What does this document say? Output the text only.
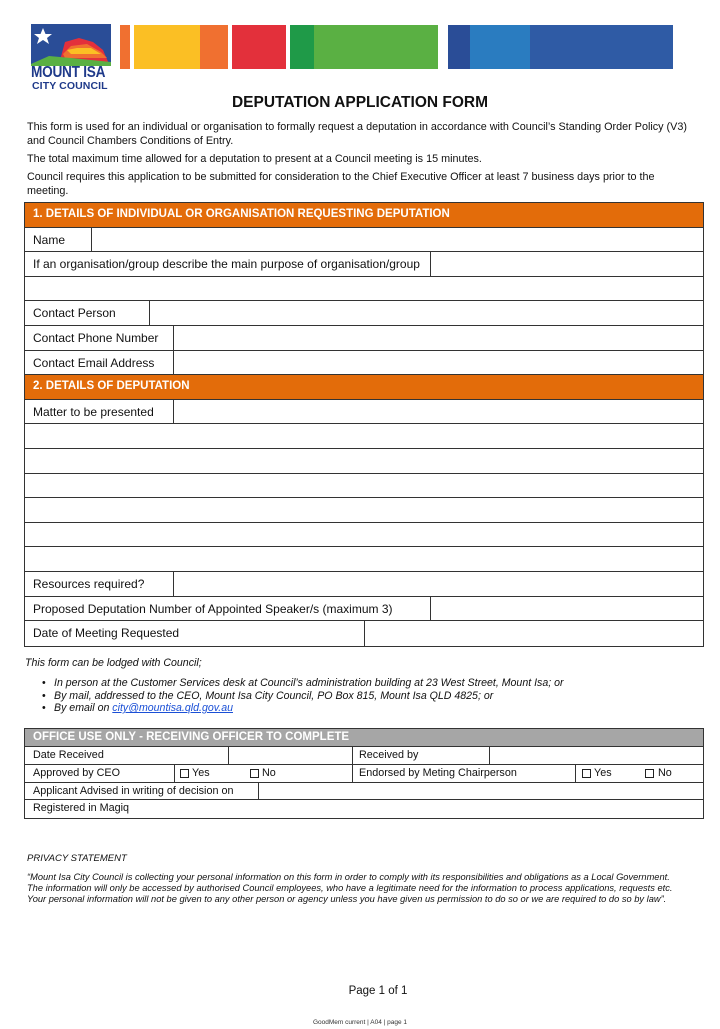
MOUNT ISA
CITY COUNCIL
DEPUTATION APPLICATION FORM
This form is used for an individual or organisation to formally request a deputation in accordance with Council’s Standing Order Policy (V3) and Council Chambers Conditions of Entry.
The total maximum time allowed for a deputation to present at a Council meeting is 15 minutes.
Council requires this application to be submitted for consideration to the Chief Executive Officer at least 7 business days prior to the meeting.
1. DETAILS OF INDIVIDUAL OR ORGANISATION REQUESTING DEPUTATION
Name
If an organisation/group describe the main purpose of organisation/group
Contact Person
Contact Phone Number
Contact Email Address
2. DETAILS OF DEPUTATION
Matter to be presented
Resources required?
Proposed Deputation Number of Appointed Speaker/s (maximum 3)
Date of Meeting Requested
This form can be lodged with Council;
• In person at the Customer Services desk at Council’s administration building at 23 West Street, Mount Isa; or
• By mail, addressed to the CEO, Mount Isa City Council, PO Box 815, Mount Isa QLD 4825; or
• By email on city@mountisa.qld.gov.au
OFFICE USE ONLY - RECEIVING OFFICER TO COMPLETE
Date Received	Received by
Approved by CEO	Yes	No	Endorsed by Meting Chairperson	Yes	No
Applicant Advised in writing of decision on
Registered in Magiq
PRIVACY STATEMENT
“Mount Isa City Council is collecting your personal information on this form in order to comply with its responsibilities and obligations as a Local Government. The information will only be accessed by authorised Council employees, who have a legitimate need for the information to process applications, requests etc. Your personal information will not be given to any other person or agency unless you have given us permission to do so or we are required to do so by law”.
Page 1 of 1
GoodMem current | A04 | page 1
